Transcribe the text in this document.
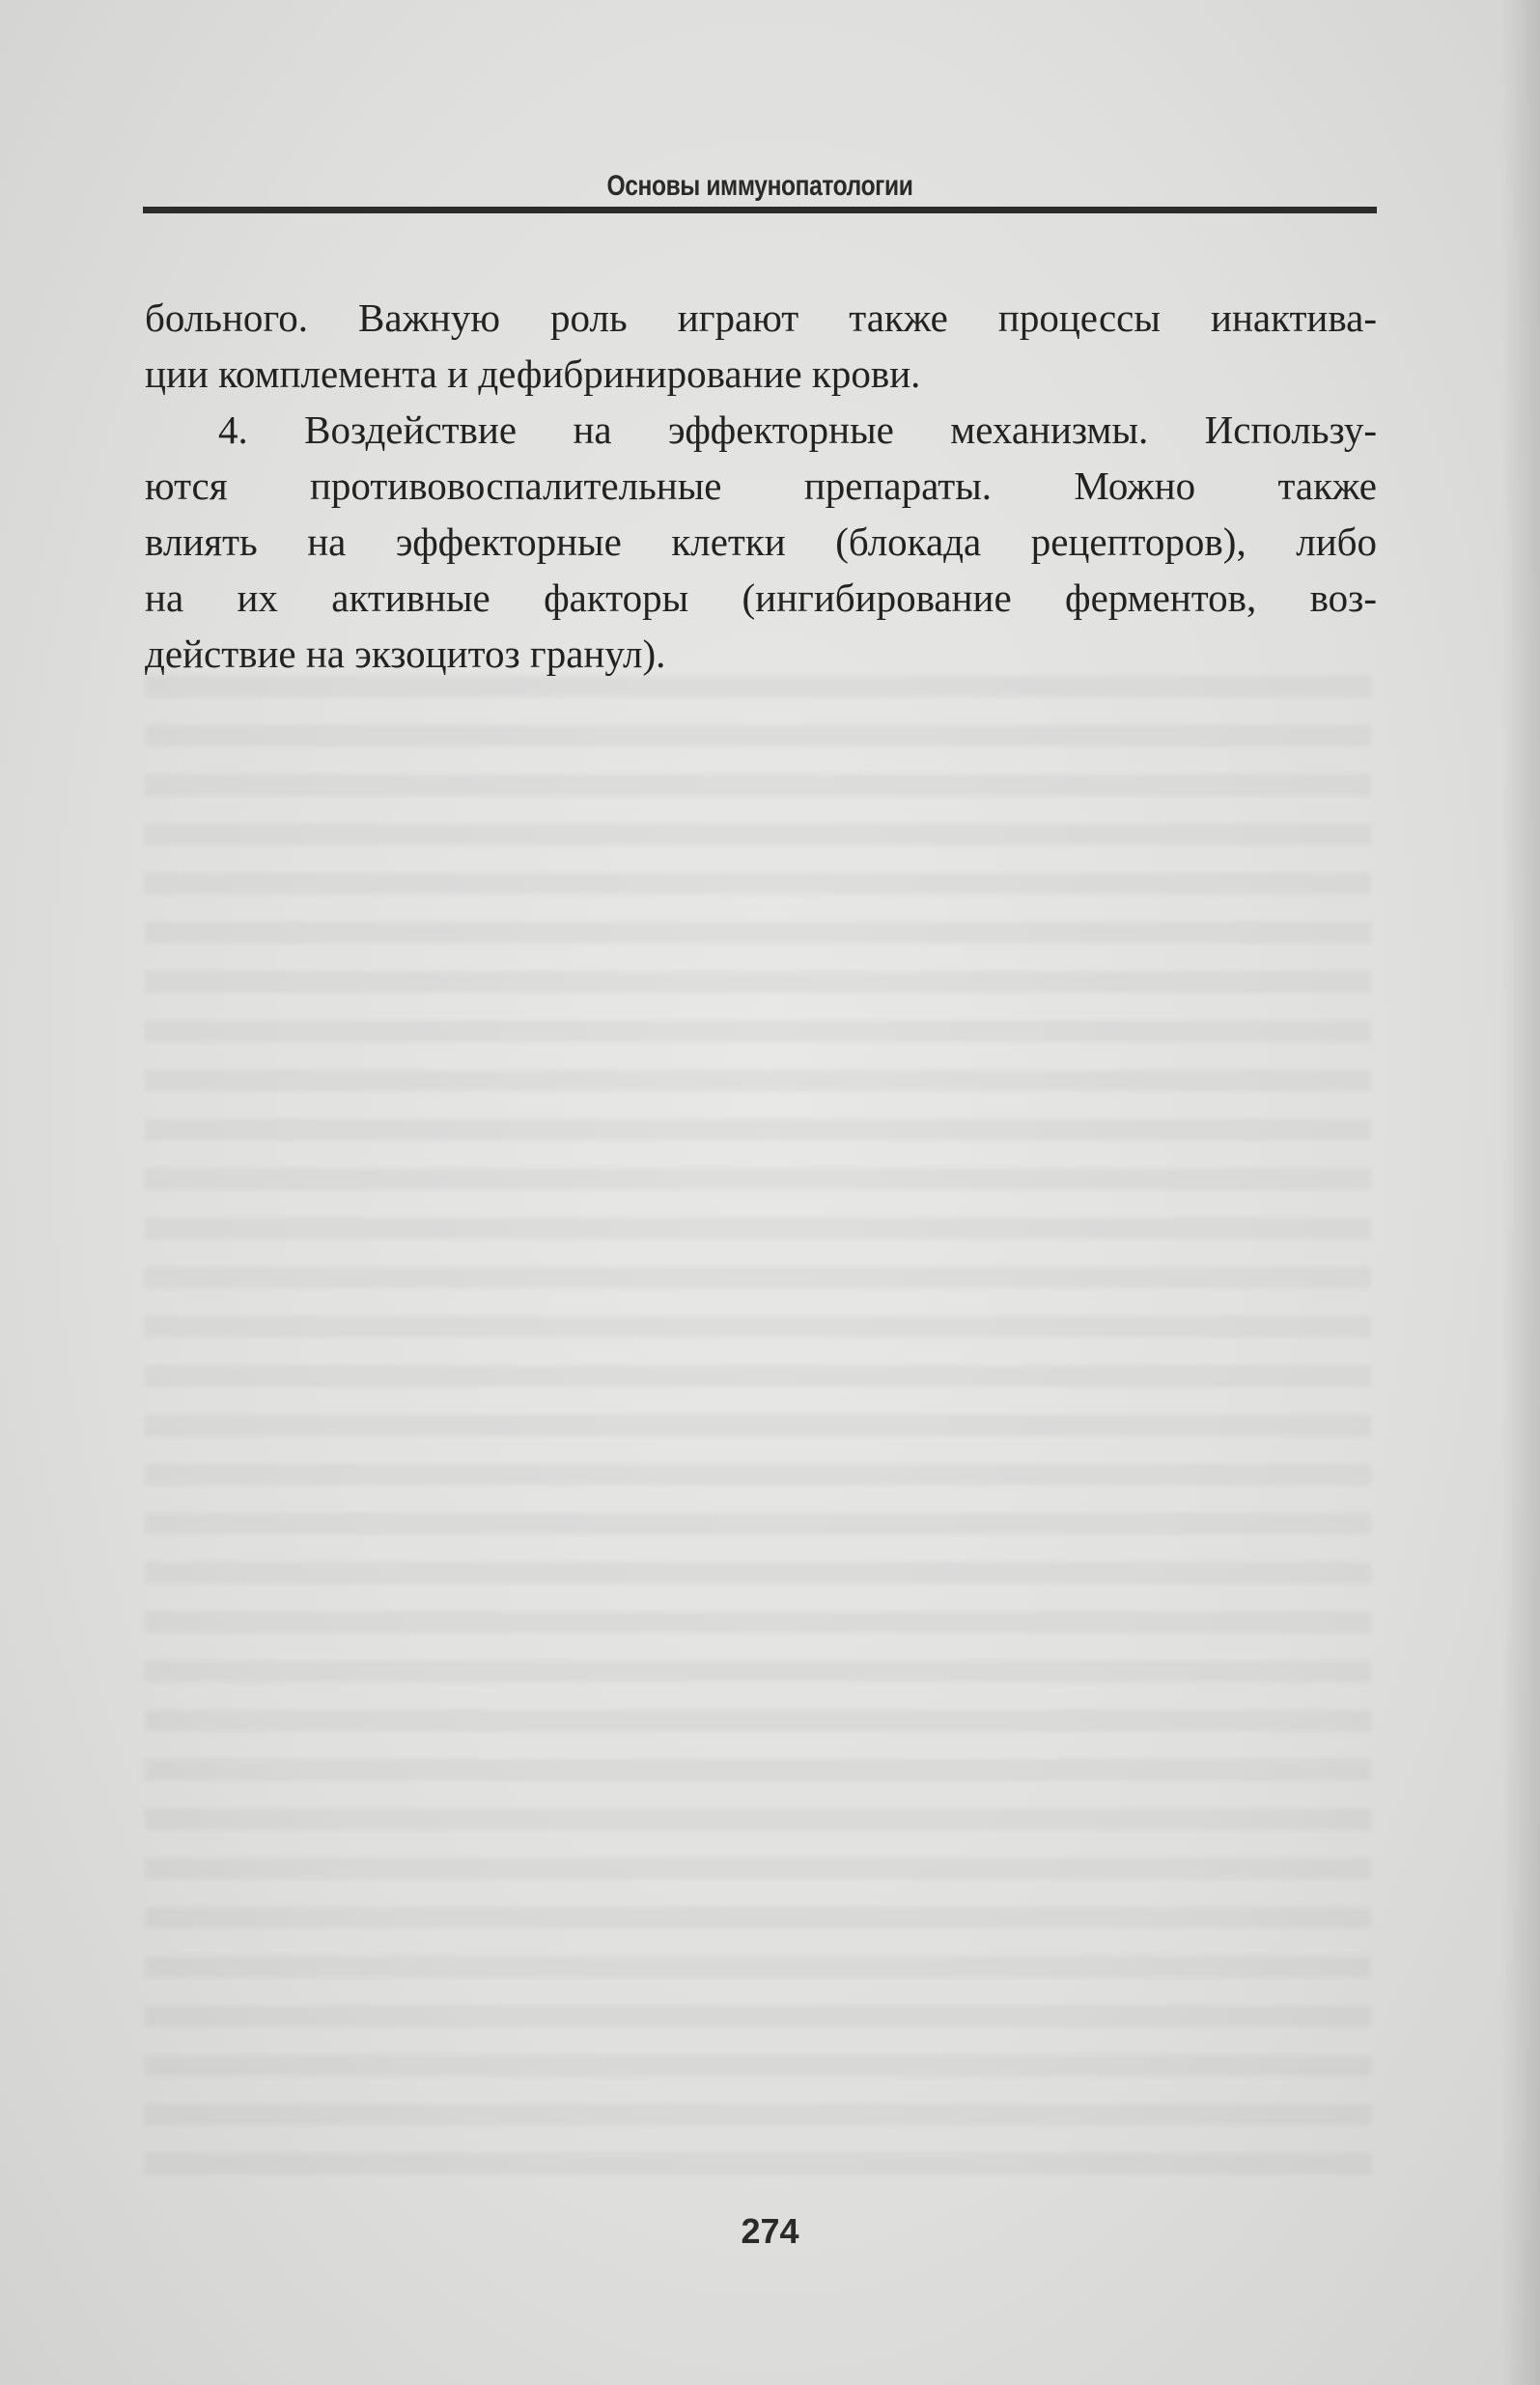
Основы иммунопатологии

больного. Важную роль играют также процессы инактива-
ции комплемента и дефибринирование крови.

4. Воздействие на эффекторные механизмы. Использу-
ются противовоспалительные препараты. Можно также
влиять на эффекторные клетки (блокада рецепторов), либо
на их активные факторы (ингибирование ферментов, воз-
действие на экзоцитоз гранул).

274
